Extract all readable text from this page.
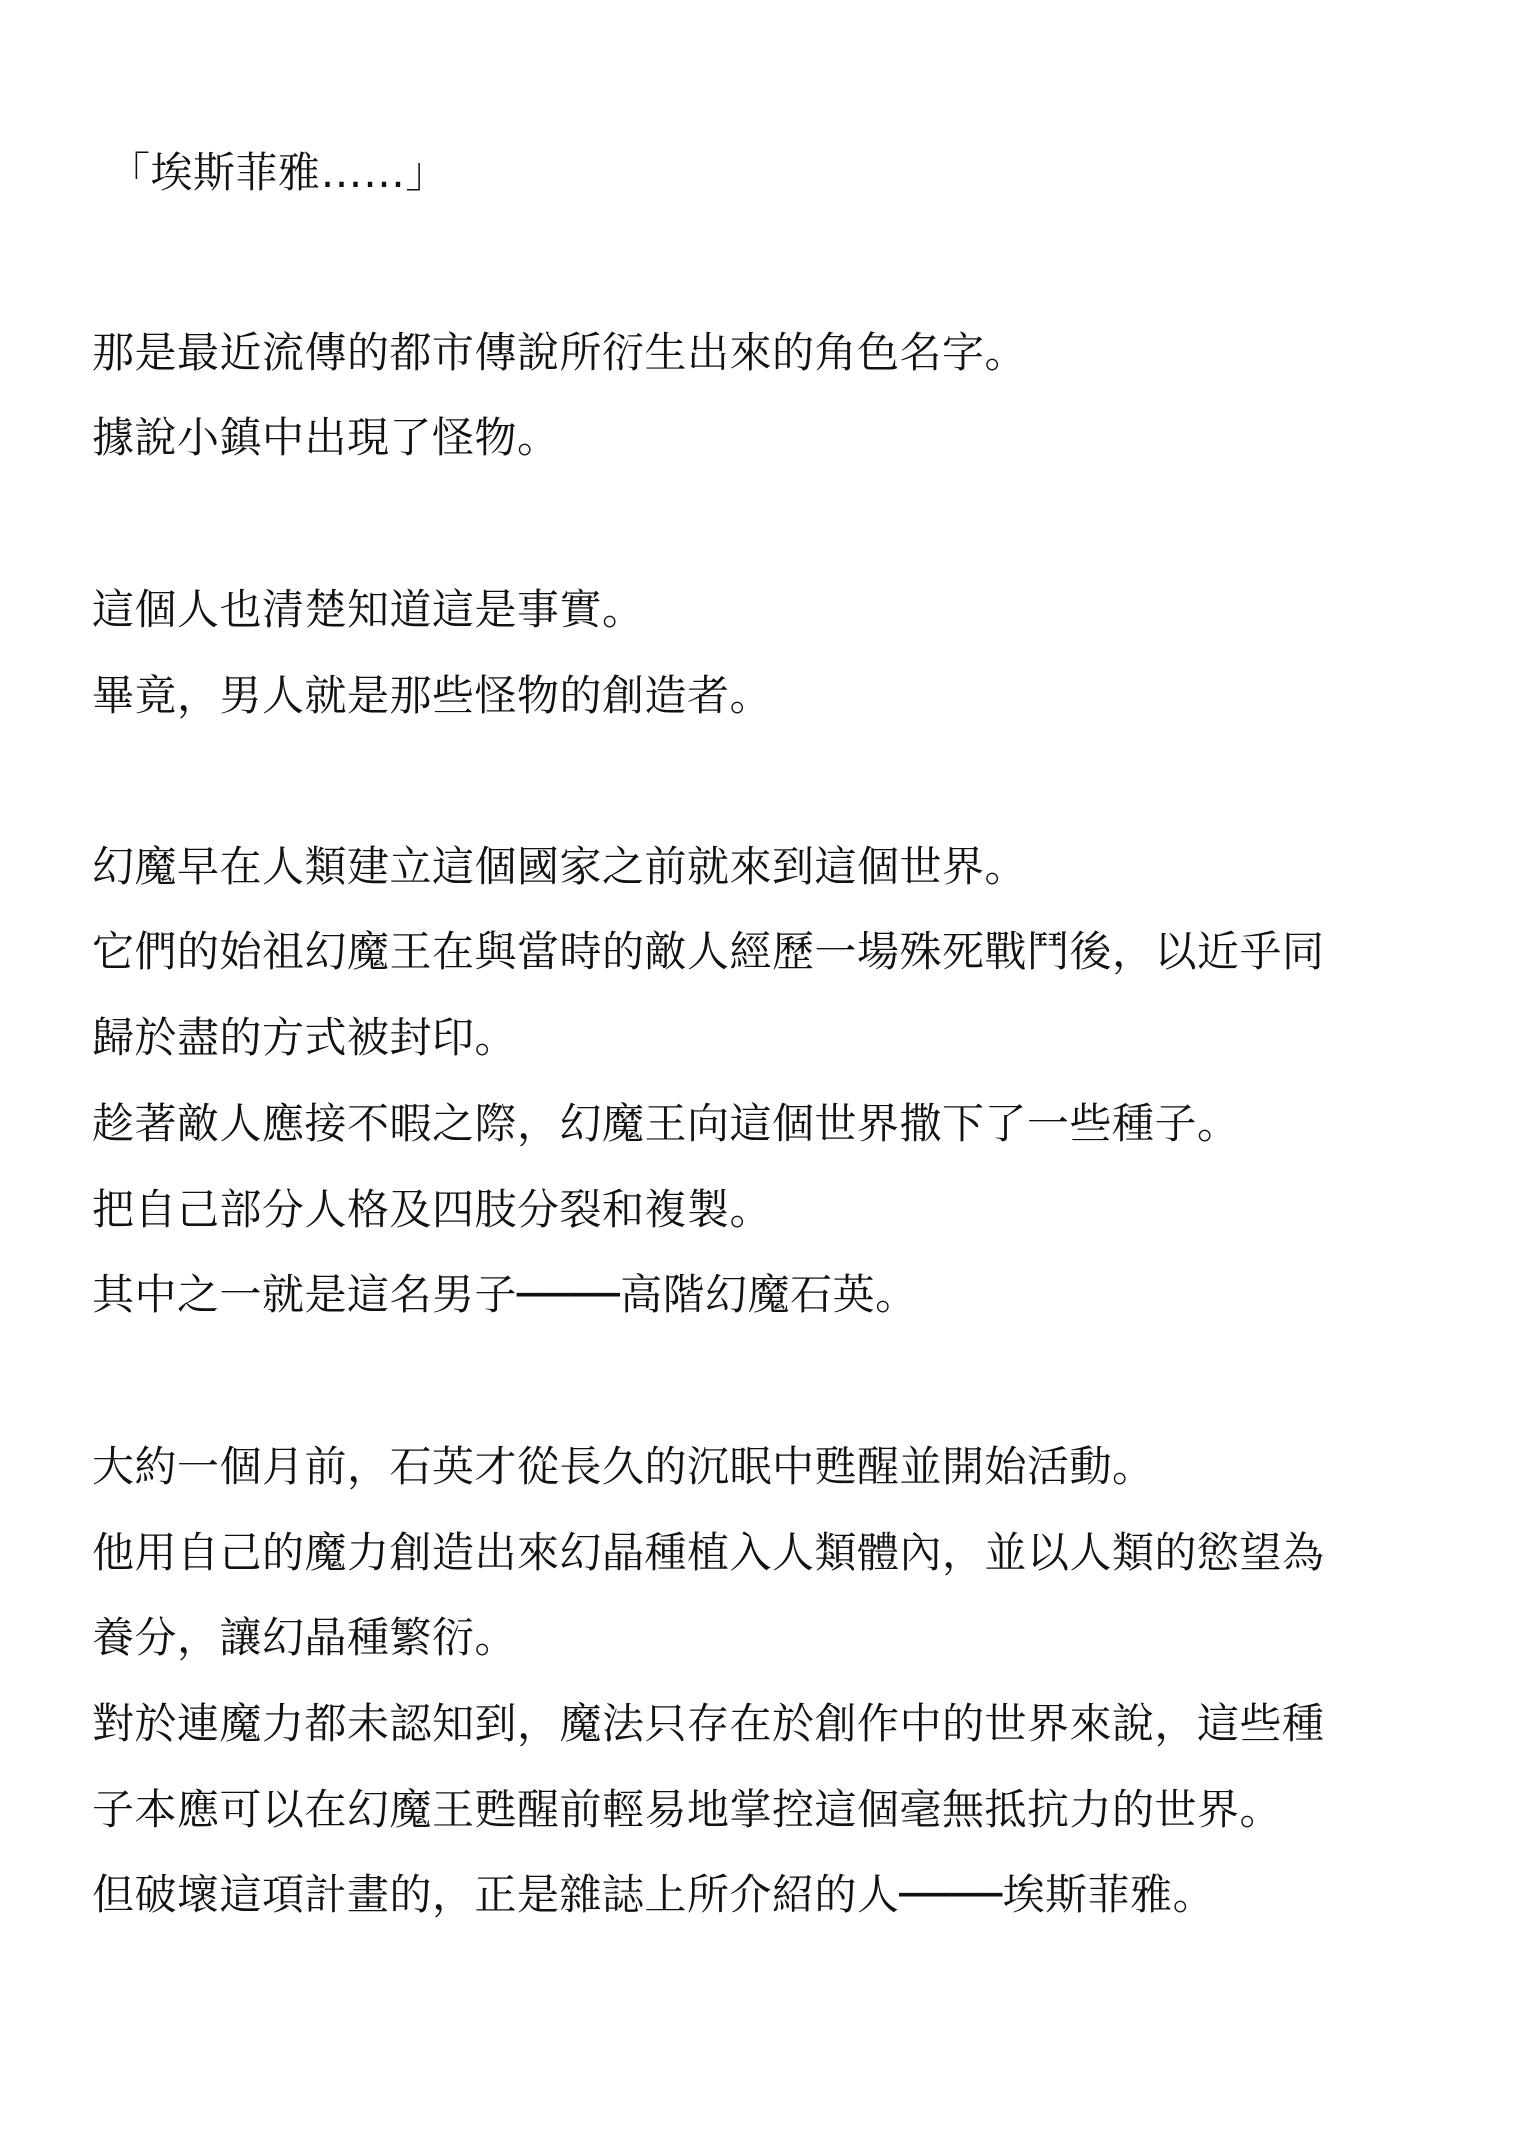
「埃斯菲雅……」

那是最近流傳的都市傳說所衍生出來的角色名字。

據說小鎮中出現了怪物。

這個人也清楚知道這是事實。

畢竟，男人就是那些怪物的創造者。

幻魔早在人類建立這個國家之前就來到這個世界。

它們的始祖幻魔王在與當時的敵人經歷一場殊死戰鬥後，以近乎同

歸於盡的方式被封印。

趁著敵人應接不暇之際，幻魔王向這個世界撒下了一些種子。

把自己部分人格及四肢分裂和複製。

其中之一就是這名男子────高階幻魔石英。

大約一個月前，石英才從長久的沉眠中甦醒並開始活動。

他用自己的魔力創造出來幻晶種植入人類體內，並以人類的慾望為

養分，讓幻晶種繁衍。

對於連魔力都未認知到，魔法只存在於創作中的世界來說，這些種

子本應可以在幻魔王甦醒前輕易地掌控這個毫無抵抗力的世界。

但破壞這項計畫的，正是雜誌上所介紹的人────埃斯菲雅。
